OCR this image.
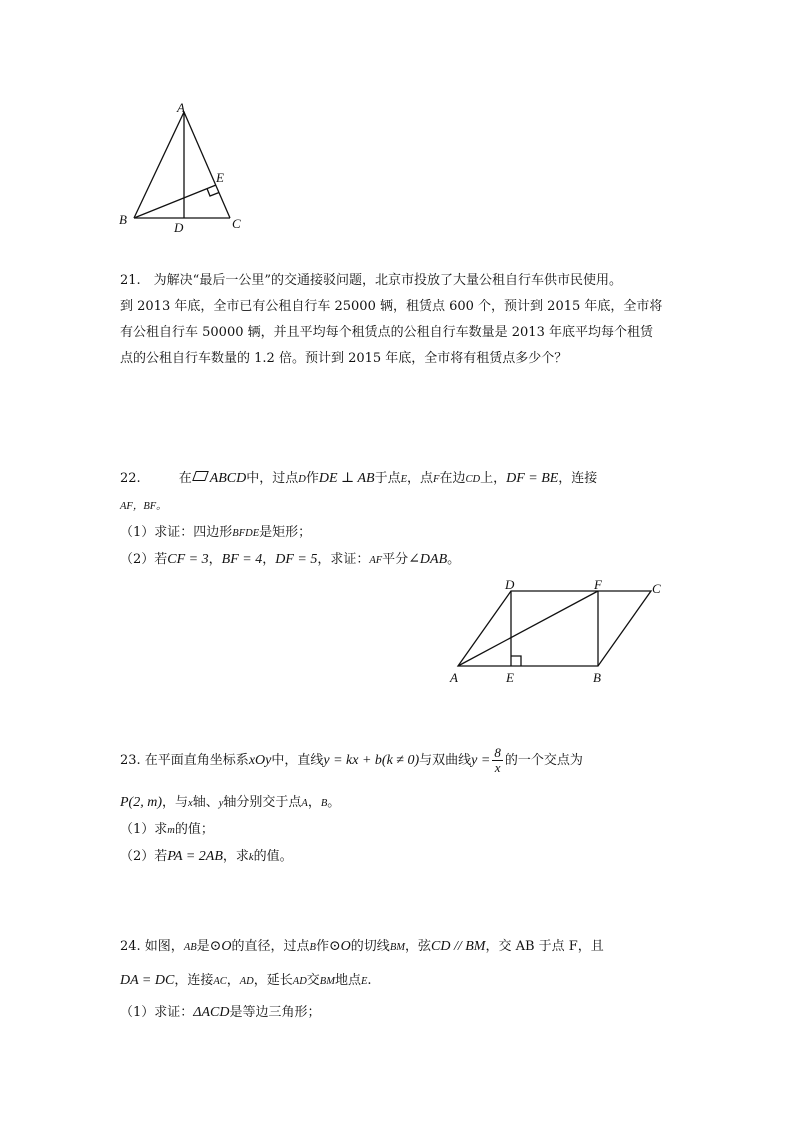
A
B	C
D
E
21.　为解决“最后一公里”的交通接驳问题，北京市投放了大量公租自行车供市民使用。
到 2013 年底，全市已有公租自行车 25000 辆，租赁点 600 个，预计到 2015 年底，全市将
有公租自行车 50000 辆，并且平均每个租赁点的公租自行车数量是 2013 年底平均每个租赁
点的公租自行车数量的 1.2 倍。预计到 2015 年底，全市将有租赁点多少个？
22.	在 ABCD中，过点D作DE ⊥ AB于点E，点F在边CD上，DF = BE，连接
AF，BF。
（1）求证：四边形BFDE是矩形；
（2）若CF = 3，BF = 4，DF = 5，求证：AF平分∠DAB。
A	B
C
D
E
F
23. 在平面直角坐标系xOy中，直线y = kx + b(k ≠ 0)与双曲线$y = \frac{8}{x}$ 的一个交点为
P(2, m)，与x轴、y轴分别交于点A，B。
（1）求m的值；
（2）若PA = 2AB，求k的值。
24. 如图，AB是⊙O的直径，过点B作⊙O的切线BM，弦CD // BM，交 AB 于点 F，且
DA = DC，连接AC，AD，延长AD交BM地点E.
（1）求证：ΔACD是等边三角形；
